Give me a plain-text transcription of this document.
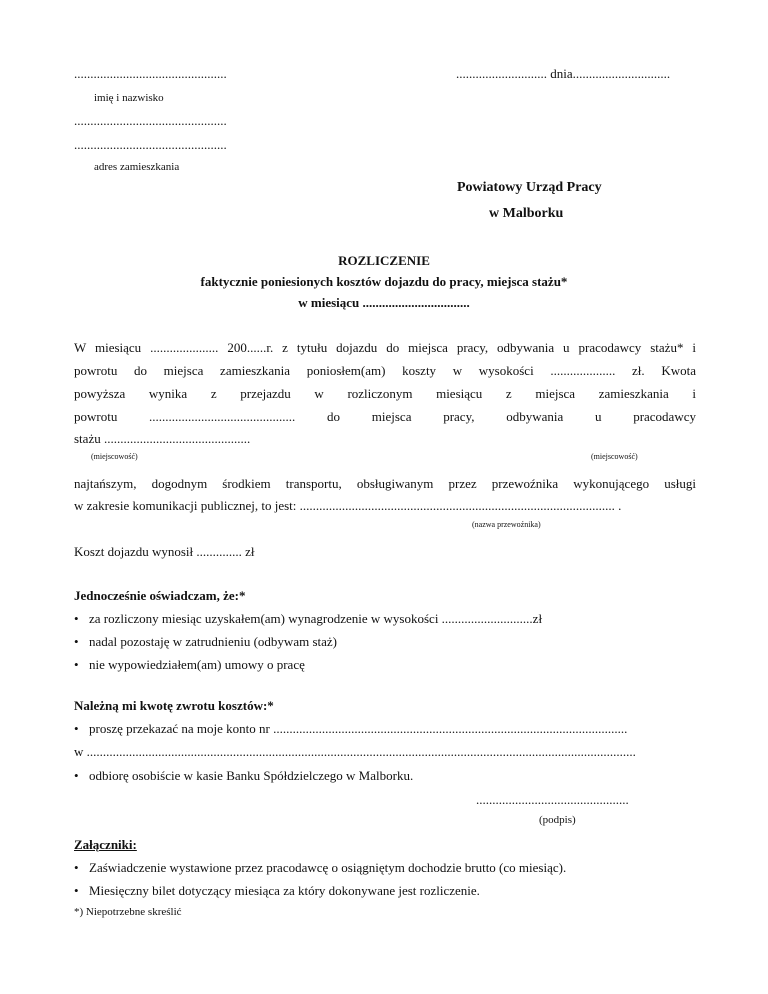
...............................................	............................ dnia..............................
imię i nazwisko
...............................................
...............................................
adres zamieszkania
Powiatowy Urząd Pracy
w Malborku
ROZLICZENIE
faktycznie poniesionych kosztów dojazdu do pracy, miejsca stażu*
w miesiącu .................................
W miesiącu ..................... 200......r. z tytułu dojazdu do miejsca pracy, odbywania u pracodawcy stażu* i
powrotu do miejsca zamieszkania poniosłem(am) koszty w wysokości .................... zł. Kwota
powyższa wynika z przejazdu w rozliczonym miesiącu z miejsca zamieszkania i
powrotu ............................................. do miejsca pracy, odbywania u pracodawcy
stażu .............................................
(miejscowość)	(miejscowość)
najtańszym, dogodnym środkiem transportu, obsługiwanym przez przewoźnika wykonującego usługi
w zakresie komunikacji publicznej, to jest: ................................................................................................. .
(nazwa przewoźnika)
Koszt dojazdu wynosił .............. zł
Jednocześnie oświadczam, że:*
• za rozliczony miesiąc uzyskałem(am) wynagrodzenie w wysokości ............................zł
• nadal pozostaję w zatrudnieniu (odbywam staż)
• nie wypowiedziałem(am) umowy o pracę
Należną mi kwotę zwrotu kosztów:*
• proszę przekazać na moje konto nr .............................................................................................................
w .........................................................................................................................................................................
• odbiorę osobiście w kasie Banku Spółdzielczego w Malborku.
...............................................
(podpis)
Załączniki:
• Zaświadczenie wystawione przez pracodawcę o osiągniętym dochodzie brutto (co miesiąc).
• Miesięczny bilet dotyczący miesiąca za który dokonywane jest rozliczenie.
*) Niepotrzebne skreślić
